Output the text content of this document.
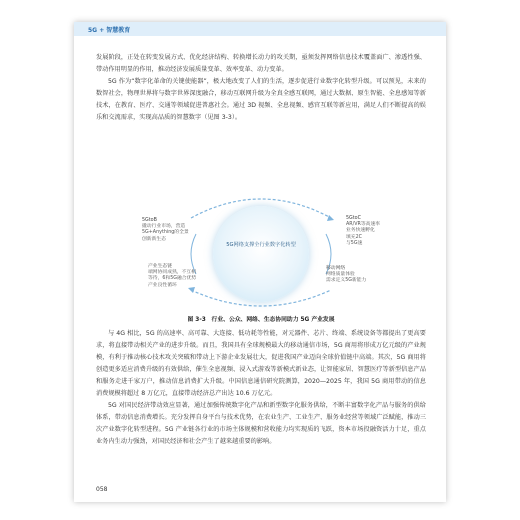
5G + 智慧教育

发展阶段，正处在转变发展方式、优化经济结构、转换增长动力的攻关期，亟须发挥网络信息技术覆盖面广、渗透性强、带动作用明显的作用，推动经济发展质量变革、效率变革、动力变革。

5G 作为“数字化革命的关键使能器”，极大地改变了人们的生活，逐步促进行业数字化转型升级。可以预见，未来的数智社会，物理世界将与数字世界深度融合，移动互联网升级为全真全感互联网，通过大数据、原生智能、全息感知等新技术，在教育、医疗、交通等领域促进普惠社会。通过 3D 视频、全息视频、感官互联等新应用，满足人们不断提高的娱乐和交流需求，实现高品质的智慧数字（见图 3-3）。

5G网络支撑全行业数字化转型
5GtoB
撬动行业市场，营造
5G+Anything的全景
创新新生态
产业生态链
端网协同成熟，不互相
等待，6和5G融合优势
产业良性循环
5GtoC
AR/VR等高速率
业务快速孵化
填充2C
与5G速
移动网络
网络质量体验
需求定义5G新能力
图 3-3　行业、公众、网络、生态协同助力 5G 产业发展

与 4G 相比，5G 的高速率、高可靠、大连接、低功耗等性能，对元器件、芯片、终端、系统设备等都提出了更高要求，将直接带动相关产业的进步升级。而且，我国具有全球规模最大的移动通信市场，5G 商用将形成万亿元级的产业规模，有利于推动核心技术攻关突破和带动上下游企业发展壮大，促进我国产业迈向全球价值链中高端。其次，5G 商用将创造更多适应消费升级的有效供给，催生全息视频、浸入式游戏等新模式新业态，让智能家居、智慧医疗等新型信息产品和服务走进千家万户，推动信息消费扩大升级。中国信息通信研究院测算，2020—2025 年，我国 5G 商用带动的信息消费规模将超过 8 万亿元，直接带动经济总产出达 10.6 万亿元。

5G 对国民经济带动效应显著，通过加强传统数字化产品和新型数字化服务供给，不断丰富数字化产品与服务的供给体系，带动信息消费增长。充分发挥自身平台与技术优势，在农业生产、工业生产、服务业经营等领域广泛赋能，推动三次产业数字化转型进程。5G 产业链各行业的市场主体规模和营收能力均实现质的飞跃，资本市场投融资活力十足，重点业务内生动力强劲，对国民经济和社会产生了越来越重要的影响。

058
